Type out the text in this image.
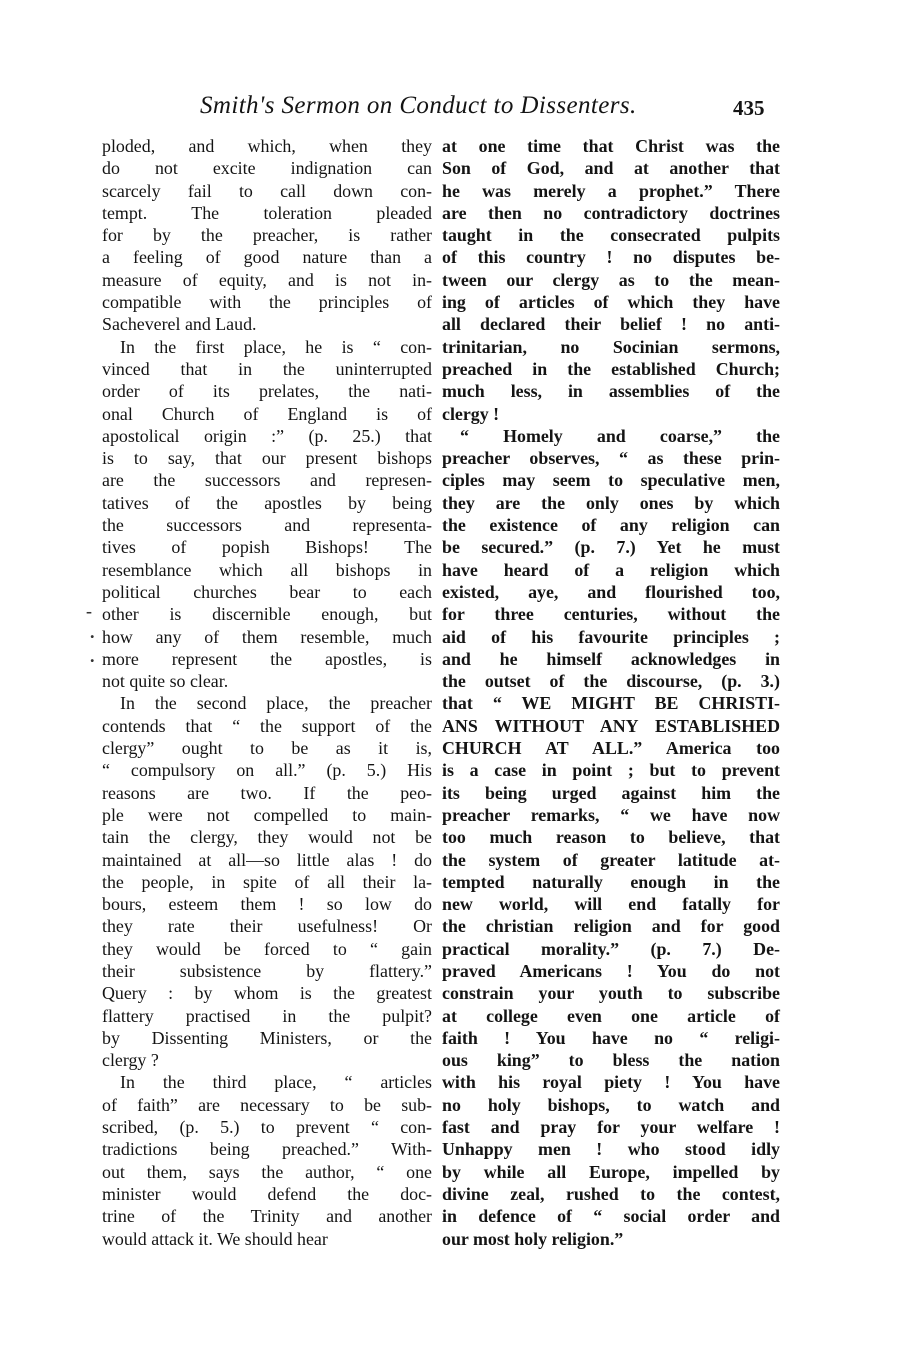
Smith's Sermon on Conduct to Dissenters.	435
-
.
.
ploded, and which, when they
do not excite indignation can
scarcely fail to call down con-
tempt. The toleration pleaded
for by the preacher, is rather
a feeling of good nature than a
measure of equity, and is not in-
compatible with the principles of
Sacheverel and Laud.
In the first place, he is “ con-
vinced that in the uninterrupted
order of its prelates, the nati-
onal Church of England is of
apostolical origin :” (p. 25.) that
is to say, that our present bishops
are the successors and represen-
tatives of the apostles by being
the successors and representa-
tives of popish Bishops! The
resemblance which all bishops in
political churches bear to each
other is discernible enough, but
how any of them resemble, much
more represent the apostles, is
not quite so clear.
In the second place, the preacher
contends that “ the support of the
clergy” ought to be as it is,
“ compulsory on all.” (p. 5.) His
reasons are two. If the peo-
ple were not compelled to main-
tain the clergy, they would not be
maintained at all—so little alas ! do
the people, in spite of all their la-
bours, esteem them ! so low do
they rate their usefulness! Or
they would be forced to “ gain
their subsistence by flattery.”
Query : by whom is the greatest
flattery practised in the pulpit?
by Dissenting Ministers, or the
clergy ?
In the third place, “ articles
of faith” are necessary to be sub-
scribed, (p. 5.) to prevent “ con-
tradictions being preached.” With-
out them, says the author, “ one
minister would defend the doc-
trine of the Trinity and another
would attack it. We should hear
at one time that Christ was the
Son of God, and at another that
he was merely a prophet.” There
are then no contradictory doctrines
taught in the consecrated pulpits
of this country ! no disputes be-
tween our clergy as to the mean-
ing of articles of which they have
all declared their belief ! no anti-
trinitarian, no Socinian sermons,
preached in the established Church;
much less, in assemblies of the
clergy !
“ Homely and coarse,” the
preacher observes, “ as these prin-
ciples may seem to speculative men,
they are the only ones by which
the existence of any religion can
be secured.” (p. 7.) Yet he must
have heard of a religion which
existed, aye, and flourished too,
for three centuries, without the
aid of his favourite principles ;
and he himself acknowledges in
the outset of the discourse, (p. 3.)
that “ WE MIGHT BE CHRISTI-
ANS WITHOUT ANY ESTABLISHED
CHURCH AT ALL.” America too
is a case in point ; but to prevent
its being urged against him the
preacher remarks, “ we have now
too much reason to believe, that
the system of greater latitude at-
tempted naturally enough in the
new world, will end fatally for
the christian religion and for good
practical morality.” (p. 7.) De-
praved Americans ! You do not
constrain your youth to subscribe
at college even one article of
faith ! You have no “ religi-
ous king” to bless the nation
with his royal piety ! You have
no holy bishops, to watch and
fast and pray for your welfare !
Unhappy men ! who stood idly
by while all Europe, impelled by
divine zeal, rushed to the contest,
in defence of “ social order and
our most holy religion.”
